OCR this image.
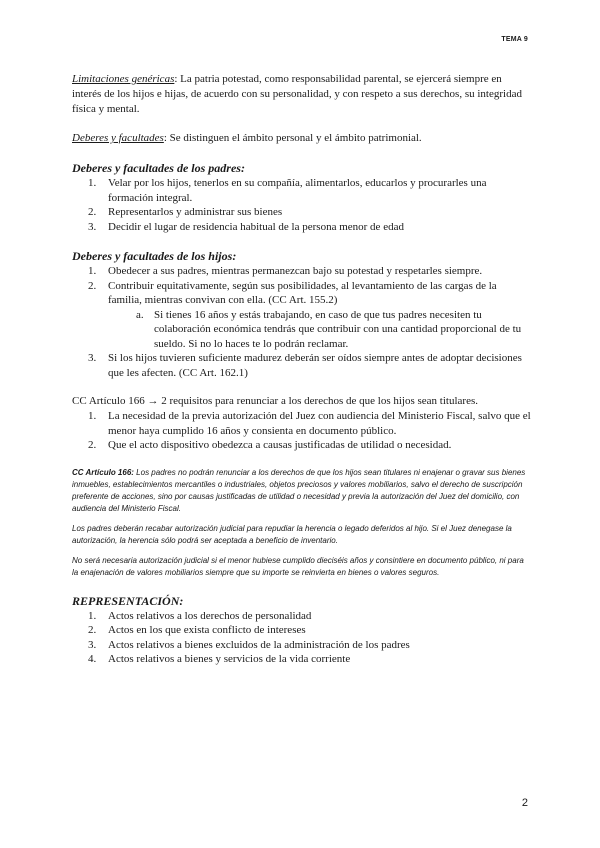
TEMA 9

Limitaciones genéricas: La patria potestad, como responsabilidad parental, se ejercerá siempre en interés de los hijos e hijas, de acuerdo con su personalidad, y con respeto a sus derechos, su integridad física y mental.

Deberes y facultades: Se distinguen el ámbito personal y el ámbito patrimonial.

Deberes y facultades de los padres:
1.	Velar por los hijos, tenerlos en su compañía, alimentarlos, educarlos y procurarles una formación integral.
2.	Representarlos y administrar sus bienes
3.	Decidir el lugar de residencia habitual de la persona menor de edad
Deberes y facultades de los hijos:
1.	Obedecer a sus padres, mientras permanezcan bajo su potestad y respetarles siempre.
2.	Contribuir equitativamente, según sus posibilidades, al levantamiento de las cargas de la familia, mientras convivan con ella. (CC Art. 155.2)
a. Si tienes 16 años y estás trabajando, en caso de que tus padres necesiten tu colaboración económica tendrás que contribuir con una cantidad proporcional de tu sueldo. Si no lo haces te lo podrán reclamar.
3.	Si los hijos tuvieren suficiente madurez deberán ser oídos siempre antes de adoptar decisiones que les afecten. (CC Art. 162.1)

CC Artículo 166 → 2 requisitos para renunciar a los derechos de que los hijos sean titulares.

1.	La necesidad de la previa autorización del Juez con audiencia del Ministerio Fiscal, salvo que el menor haya cumplido 16 años y consienta en documento público.
2.	Que el acto dispositivo obedezca a causas justificadas de utilidad o necesidad.

CC Artículo 166: Los padres no podrán renunciar a los derechos de que los hijos sean titulares ni enajenar o gravar sus bienes inmuebles, establecimientos mercantiles o industriales, objetos preciosos y valores mobiliarios, salvo el derecho de suscripción preferente de acciones, sino por causas justificadas de utilidad o necesidad y previa la autorización del Juez del domicilio, con audiencia del Ministerio Fiscal.

Los padres deberán recabar autorización judicial para repudiar la herencia o legado deferidos al hijo. Si el Juez denegase la autorización, la herencia sólo podrá ser aceptada a beneficio de inventario.

No será necesaria autorización judicial si el menor hubiese cumplido dieciséis años y consintiere en documento público, ni para la enajenación de valores mobiliarios siempre que su importe se reinvierta en bienes o valores seguros.

REPRESENTACIÓN:
1.	Actos relativos a los derechos de personalidad
2.	Actos en los que exista conflicto de intereses
3.	Actos relativos a bienes excluidos de la administración de los padres
4.	Actos relativos a bienes y servicios de la vida corriente
2
